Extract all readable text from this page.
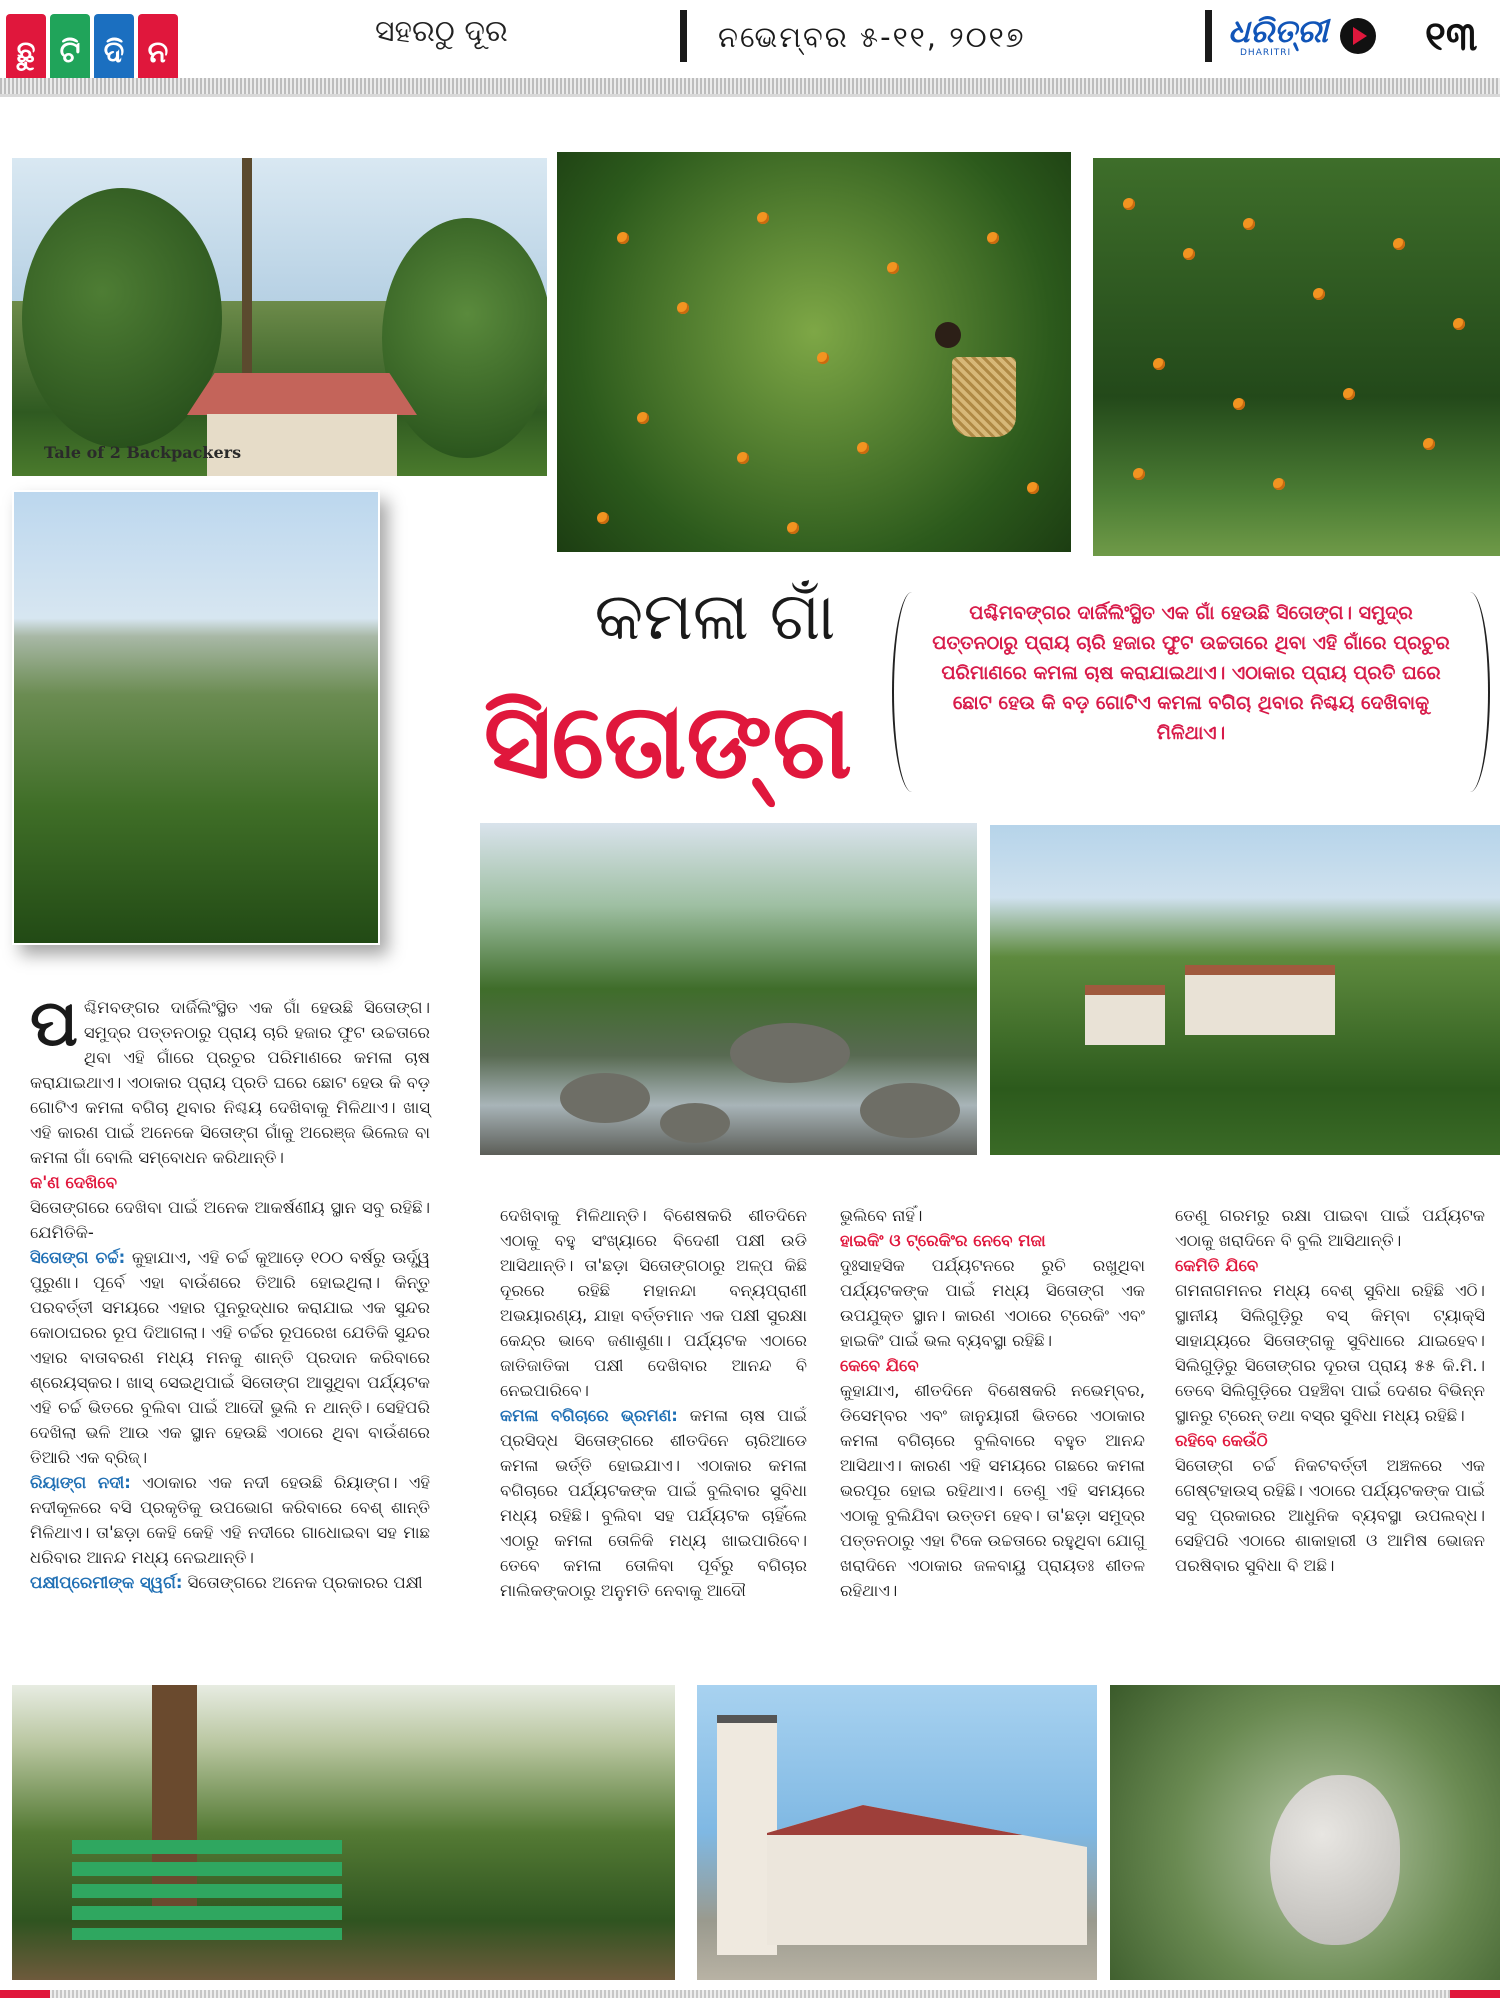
ଛୁ ଟି ଦି ନ
ସହରଠୁ ଦୂର	ନଭେମ୍ବର ୫-୧୧, ୨୦୧୭	ଧରିତ୍ରୀ
DHARITRI	୧୩
Tale of 2 Backpackers
କମଳା ଗାଁ
ସିତୋଙ୍ଗ
ପଶ୍ଚିମବଙ୍ଗର ଦାର୍ଜିଲିଂସ୍ଥିତ ଏକ ଗାଁ ହେଉଛି ସିତୋଙ୍ଗ। ସମୁଦ୍ର ପତ୍ତନଠାରୁ ପ୍ରାୟ ଚାରି ହଜାର ଫୁଟ ଉଚ୍ଚତାରେ ଥିବା ଏହି ଗାଁରେ ପ୍ରଚୁର ପରିମାଣରେ କମଳା ଚାଷ କରାଯାଇଥାଏ। ଏଠାକାର ପ୍ରାୟ ପ୍ରତି ଘରେ ଛୋଟ ହେଉ କି ବଡ଼ ଗୋଟିଏ କମଳା ବଗିଚା ଥିବାର ନିଶ୍ଚୟ ଦେଖିବାକୁ ମିଳିଥାଏ।

ପ ଶ୍ଚିମବଙ୍ଗର ଦାର୍ଜିଲିଂସ୍ଥିତ ଏକ ଗାଁ ହେଉଛି ସିତୋଙ୍ଗ। ସମୁଦ୍ର ପତ୍ତନଠାରୁ ପ୍ରାୟ ଚାରି ହଜାର ଫୁଟ ଉଚ୍ଚତାରେ ଥିବା ଏହି ଗାଁରେ ପ୍ରଚୁର ପରିମାଣରେ କମଳା ଚାଷ କରାଯାଇଥାଏ। ଏଠାକାର ପ୍ରାୟ ପ୍ରତି ଘରେ ଛୋଟ ହେଉ କି ବଡ଼ ଗୋଟିଏ କମଳା ବଗିଚା ଥିବାର ନିଶ୍ଚୟ ଦେଖିବାକୁ ମିଳିଥାଏ। ଖାସ୍ ଏହି କାରଣ ପାଇଁ ଅନେକେ ସିତୋଙ୍ଗ ଗାଁକୁ ଅରେଞ୍ଜ ଭିଲେଜ ବା କମଳା ଗାଁ ବୋଲି ସମ୍ବୋଧନ କରିଥାନ୍ତି।

କ'ଣ ଦେଖିବେ

ସିତୋଙ୍ଗରେ ଦେଖିବା ପାଇଁ ଅନେକ ଆକର୍ଷଣୀୟ ସ୍ଥାନ ସବୁ ରହିଛି। ଯେମିତିକି-

ସିତୋଙ୍ଗ ଚର୍ଚ୍ଚ: କୁହାଯାଏ, ଏହି ଚର୍ଚ୍ଚ କୁଆଡ଼େ ୧୦୦ ବର୍ଷରୁ ଊର୍ଦ୍ଧ୍ୱ ପୁରୁଣା। ପୂର୍ବେ ଏହା ବାଉଁଶରେ ତିଆରି ହୋଇଥିଲା। କିନ୍ତୁ ପରବର୍ତ୍ତୀ ସମୟରେ ଏହାର ପୁନରୁଦ୍ଧାର କରାଯାଇ ଏକ ସୁନ୍ଦର କୋଠାଘରର ରୂପ ଦିଆଗଲା। ଏହି ଚର୍ଚ୍ଚର ରୂପରେଖ ଯେତିକି ସୁନ୍ଦର ଏହାର ବାତାବରଣ ମଧ୍ୟ ମନକୁ ଶାନ୍ତି ପ୍ରଦାନ କରିବାରେ ଶ୍ରେୟସ୍କର। ଖାସ୍ ସେଇଥିପାଇଁ ସିତୋଙ୍ଗ ଆସୁଥିବା ପର୍ଯ୍ୟଟକ ଏହି ଚର୍ଚ୍ଚ ଭିତରେ ବୁଲିବା ପାଇଁ ଆଦୌ ଭୁଲି ନ ଥାନ୍ତି। ସେହିପରି ଦେଖିଲା ଭଳି ଆଉ ଏକ ସ୍ଥାନ ହେଉଛି ଏଠାରେ ଥିବା ବାଉଁଶରେ ତିଆରି ଏକ ବ୍ରିଜ୍।

ରିୟାଙ୍ଗ ନଦୀ: ଏଠାକାର ଏକ ନଦୀ ହେଉଛି ରିୟାଙ୍ଗ। ଏହି ନଦୀକୂଳରେ ବସି ପ୍ରକୃତିକୁ ଉପଭୋଗ କରିବାରେ ବେଶ୍ ଶାନ୍ତି ମିଳିଥାଏ। ତା'ଛଡ଼ା କେହି କେହି ଏହି ନଦୀରେ ଗାଧୋଇବା ସହ ମାଛ ଧରିବାର ଆନନ୍ଦ ମଧ୍ୟ ନେଇଥାନ୍ତି।

ପକ୍ଷୀପ୍ରେମୀଙ୍କ ସ୍ୱର୍ଗ: ସିତୋଙ୍ଗରେ ଅନେକ ପ୍ରକାରର ପକ୍ଷୀ

ଦେଖିବାକୁ ମିଳିଥାନ୍ତି। ବିଶେଷକରି ଶୀତଦିନେ ଏଠାକୁ ବହୁ ସଂଖ୍ୟାରେ ବିଦେଶୀ ପକ୍ଷୀ ଉଡି ଆସିଥାନ୍ତି। ତା'ଛଡ଼ା ସିତୋଙ୍ଗଠାରୁ ଅଳ୍ପ କିଛି ଦୂରରେ ରହିଛି ମହାନନ୍ଦା ବନ୍ୟପ୍ରାଣୀ ଅଭୟାରଣ୍ୟ, ଯାହା ବର୍ତ୍ତମାନ ଏକ ପକ୍ଷୀ ସୁରକ୍ଷା କେନ୍ଦ୍ର ଭାବେ ଜଣାଶୁଣା। ପର୍ଯ୍ୟଟକ ଏଠାରେ ଜାତିଜାତିକା ପକ୍ଷୀ ଦେଖିବାର ଆନନ୍ଦ ବି ନେଇପାରିବେ।

କମଳା ବଗିଚାରେ ଭ୍ରମଣ: କମଳା ଚାଷ ପାଇଁ ପ୍ରସିଦ୍ଧ ସିତୋଙ୍ଗରେ ଶୀତଦିନେ ଚାରିଆଡେ କମଳା ଭର୍ତ୍ତି ହୋଇଯାଏ। ଏଠାକାର କମଳା ବଗିଚାରେ ପର୍ଯ୍ୟଟକଙ୍କ ପାଇଁ ବୁଲିବାର ସୁବିଧା ମଧ୍ୟ ରହିଛି। ବୁଲିବା ସହ ପର୍ଯ୍ୟଟକ ଚାହିଁଲେ ଏଠାରୁ କମଳା ତୋଳିକି ମଧ୍ୟ ଖାଇପାରିବେ। ତେବେ କମଳା ତୋଳିବା ପୂର୍ବରୁ ବଗିଚାର ମାଲିକଙ୍କଠାରୁ ଅନୁମତି ନେବାକୁ ଆଦୌ

ଭୁଲିବେ ନାହିଁ।

ହାଇକିଂ ଓ ଟ୍ରେକିଂର ନେବେ ମଜା

ଦୁଃସାହସିକ ପର୍ଯ୍ୟଟନରେ ରୁଚି ରଖୁଥିବା ପର୍ଯ୍ୟଟକଙ୍କ ପାଇଁ ମଧ୍ୟ ସିତୋଙ୍ଗ ଏକ ଉପଯୁକ୍ତ ସ୍ଥାନ। କାରଣ ଏଠାରେ ଟ୍ରେକିଂ ଏବଂ ହାଇକିଂ ପାଇଁ ଭଲ ବ୍ୟବସ୍ଥା ରହିଛି।

କେବେ ଯିବେ

କୁହାଯାଏ, ଶୀତଦିନେ ବିଶେଷକରି ନଭେମ୍ବର, ଡିସେମ୍ବର ଏବଂ ଜାନୁୟାରୀ ଭିତରେ ଏଠାକାର କମଳା ବଗିଚାରେ ବୁଲିବାରେ ବହୁତ ଆନନ୍ଦ ଆସିଥାଏ। କାରଣ ଏହି ସମୟରେ ଗଛରେ କମଳା ଭରପୂର ହୋଇ ରହିଥାଏ। ତେଣୁ ଏହି ସମୟରେ ଏଠାକୁ ବୁଲିଯିବା ଉତ୍ତମ ହେବ। ତା'ଛଡ଼ା ସମୁଦ୍ର ପତ୍ତନଠାରୁ ଏହା ଟିକେ ଉଚ୍ଚତାରେ ରହୁଥିବା ଯୋଗୁ ଖରାଦିନେ ଏଠାକାର ଜଳବାୟୁ ପ୍ରାୟତଃ ଶୀତଳ ରହିଥାଏ।

ତେଣୁ ଗରମରୁ ରକ୍ଷା ପାଇବା ପାଇଁ ପର୍ଯ୍ୟଟକ ଏଠାକୁ ଖରାଦିନେ ବି ବୁଲି ଆସିଥାନ୍ତି।

କେମିତି ଯିବେ

ଗମନାଗମନର ମଧ୍ୟ ବେଶ୍ ସୁବିଧା ରହିଛି ଏଠି। ସ୍ଥାନୀୟ ସିଲିଗୁଡ଼ିରୁ ବସ୍ କିମ୍ବା ଟ୍ୟାକ୍ସି ସାହାଯ୍ୟରେ ସିତୋଙ୍ଗକୁ ସୁବିଧାରେ ଯାଇହେବ। ସିଲିଗୁଡ଼ିରୁ ସିତୋଙ୍ଗର ଦୂରତା ପ୍ରାୟ ୫୫ କି.ମି.। ତେବେ ସିଲିଗୁଡ଼ିରେ ପହଞ୍ଚିବା ପାଇଁ ଦେଶର ବିଭିନ୍ନ ସ୍ଥାନରୁ ଟ୍ରେନ୍ ତଥା ବସ୍‌ର ସୁବିଧା ମଧ୍ୟ ରହିଛି।

ରହିବେ କେଉଁଠି

ସିତୋଙ୍ଗ ଚର୍ଚ୍ଚ ନିକଟବର୍ତ୍ତୀ ଅଞ୍ଚଳରେ ଏକ ଗେଷ୍ଟହାଉସ୍ ରହିଛି। ଏଠାରେ ପର୍ଯ୍ୟଟକଙ୍କ ପାଇଁ ସବୁ ପ୍ରକାରର ଆଧୁନିକ ବ୍ୟବସ୍ଥା ଉପଲବ୍ଧ। ସେହିପରି ଏଠାରେ ଶାକାହାରୀ ଓ ଆମିଷ ଭୋଜନ ପରଷିବାର ସୁବିଧା ବି ଅଛି।
